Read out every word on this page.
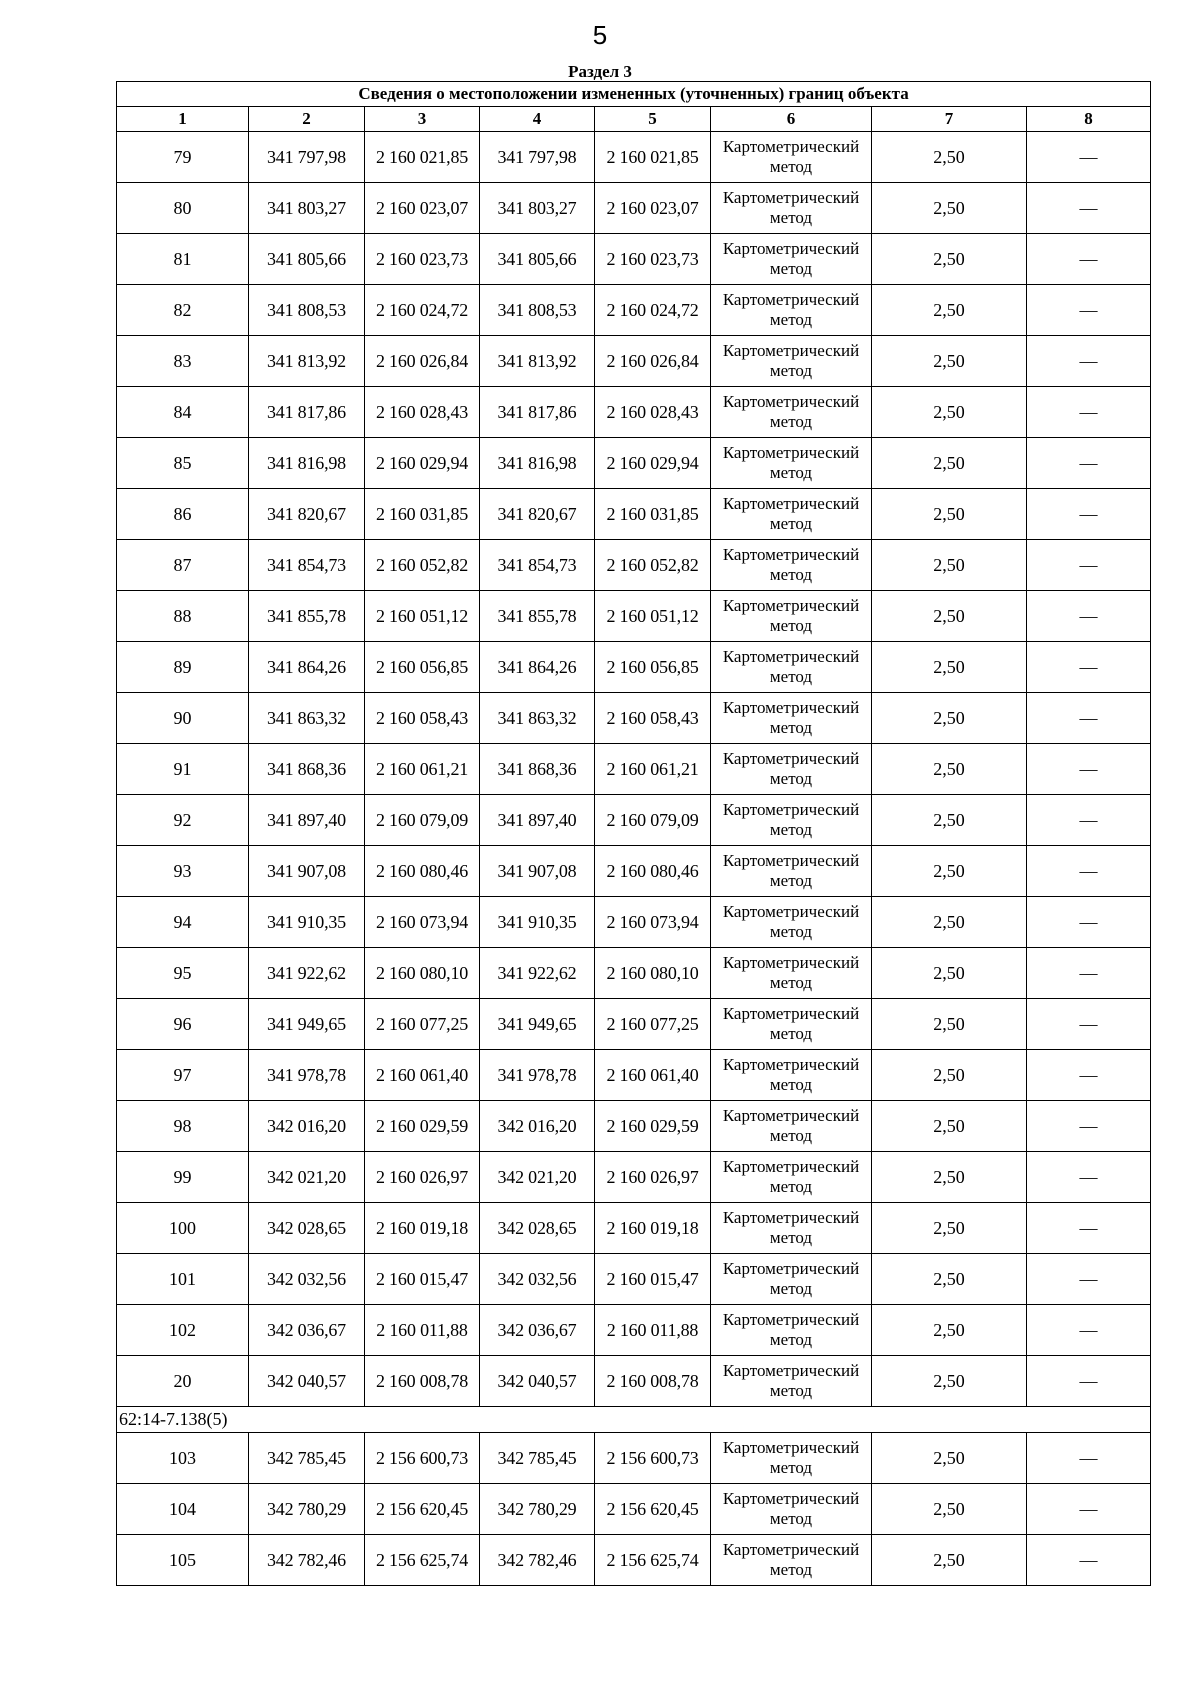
5
Раздел 3
Сведения о местоположении измененных (уточненных) границ объекта							
1	2	3	4	5	6	7	8
79	341 797,98	2 160 021,85	341 797,98	2 160 021,85	Картометрический метод	2,50	—
80	341 803,27	2 160 023,07	341 803,27	2 160 023,07	Картометрический метод	2,50	—
81	341 805,66	2 160 023,73	341 805,66	2 160 023,73	Картометрический метод	2,50	—
82	341 808,53	2 160 024,72	341 808,53	2 160 024,72	Картометрический метод	2,50	—
83	341 813,92	2 160 026,84	341 813,92	2 160 026,84	Картометрический метод	2,50	—
84	341 817,86	2 160 028,43	341 817,86	2 160 028,43	Картометрический метод	2,50	—
85	341 816,98	2 160 029,94	341 816,98	2 160 029,94	Картометрический метод	2,50	—
86	341 820,67	2 160 031,85	341 820,67	2 160 031,85	Картометрический метод	2,50	—
87	341 854,73	2 160 052,82	341 854,73	2 160 052,82	Картометрический метод	2,50	—
88	341 855,78	2 160 051,12	341 855,78	2 160 051,12	Картометрический метод	2,50	—
89	341 864,26	2 160 056,85	341 864,26	2 160 056,85	Картометрический метод	2,50	—
90	341 863,32	2 160 058,43	341 863,32	2 160 058,43	Картометрический метод	2,50	—
91	341 868,36	2 160 061,21	341 868,36	2 160 061,21	Картометрический метод	2,50	—
92	341 897,40	2 160 079,09	341 897,40	2 160 079,09	Картометрический метод	2,50	—
93	341 907,08	2 160 080,46	341 907,08	2 160 080,46	Картометрический метод	2,50	—
94	341 910,35	2 160 073,94	341 910,35	2 160 073,94	Картометрический метод	2,50	—
95	341 922,62	2 160 080,10	341 922,62	2 160 080,10	Картометрический метод	2,50	—
96	341 949,65	2 160 077,25	341 949,65	2 160 077,25	Картометрический метод	2,50	—
97	341 978,78	2 160 061,40	341 978,78	2 160 061,40	Картометрический метод	2,50	—
98	342 016,20	2 160 029,59	342 016,20	2 160 029,59	Картометрический метод	2,50	—
99	342 021,20	2 160 026,97	342 021,20	2 160 026,97	Картометрический метод	2,50	—
100	342 028,65	2 160 019,18	342 028,65	2 160 019,18	Картометрический метод	2,50	—
101	342 032,56	2 160 015,47	342 032,56	2 160 015,47	Картометрический метод	2,50	—
102	342 036,67	2 160 011,88	342 036,67	2 160 011,88	Картометрический метод	2,50	—
20	342 040,57	2 160 008,78	342 040,57	2 160 008,78	Картометрический метод	2,50	—
62:14-7.138(5)							
103	342 785,45	2 156 600,73	342 785,45	2 156 600,73	Картометрический метод	2,50	—
104	342 780,29	2 156 620,45	342 780,29	2 156 620,45	Картометрический метод	2,50	—
105	342 782,46	2 156 625,74	342 782,46	2 156 625,74	Картометрический метод	2,50	—
